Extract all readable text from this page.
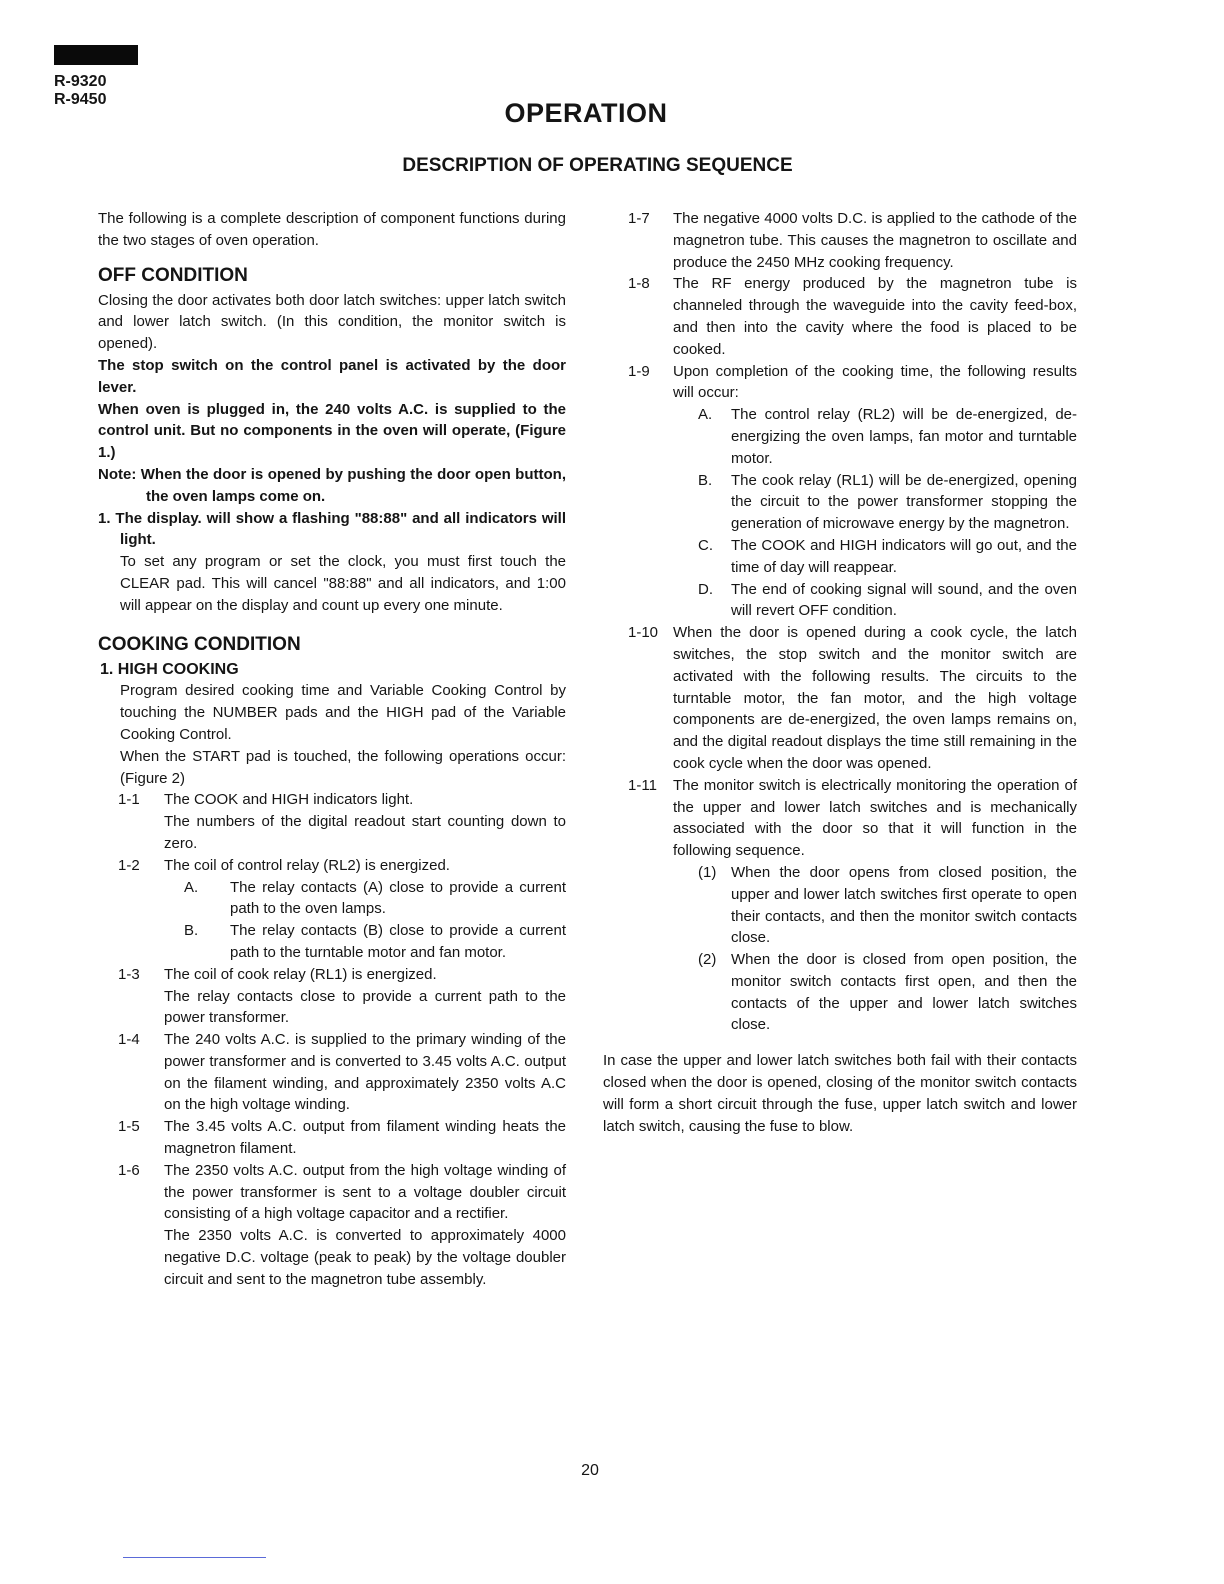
R-9320
R-9450	OPERATION
DESCRIPTION OF OPERATING SEQUENCE

The following is a complete description of component functions during the two stages of oven operation.

OFF CONDITION

Closing the door activates both door latch switches: upper latch switch and lower latch switch. (In this condition, the monitor switch is opened).

The stop switch on the control panel is activated by the door lever.

When oven is plugged in, the 240 volts A.C. is supplied to the control unit. But no components in the oven will operate, (Figure 1.)

Note: When the door is opened by pushing the door open button, the oven lamps come on.

1. The display. will show a flashing "88:88" and all indicators will light.

To set any program or set the clock, you must first touch the CLEAR pad. This will cancel "88:88" and all indicators, and 1:00 will appear on the display and count up every one minute.

COOKING CONDITION
1. HIGH COOKING

Program desired cooking time and Variable Cooking Control by touching the NUMBER pads and the HIGH pad of the Variable Cooking Control.

When the START pad is touched, the following operations occur: (Figure 2)

1-1	The COOK and HIGH indicators light.

The numbers of the digital readout start counting down to zero.

1-2	The coil of control relay (RL2) is energized.

A.	The relay contacts (A) close to provide a current path to the oven lamps.

B.	The relay contacts (B) close to provide a current path to the turntable motor and fan motor.

1-3	The coil of cook relay (RL1) is energized.

The relay contacts close to provide a current path to the power transformer.

1-4	The 240 volts A.C. is supplied to the primary winding of the power transformer and is converted to 3.45 volts A.C. output on the filament winding, and approximately 2350 volts A.C on the high voltage winding.

1-5	The 3.45 volts A.C. output from filament winding heats the magnetron filament.

1-6	The 2350 volts A.C. output from the high voltage winding of the power transformer is sent to a voltage doubler circuit consisting of a high voltage capacitor and a rectifier.

The 2350 volts A.C. is converted to approximately 4000 negative D.C. voltage (peak to peak) by the voltage doubler circuit and sent to the magnetron tube assembly.

1-7	The negative 4000 volts D.C. is applied to the cathode of the magnetron tube. This causes the magnetron to oscillate and produce the 2450 MHz cooking frequency.

1-8	The RF energy produced by the magnetron tube is channeled through the waveguide into the cavity feed-box, and then into the cavity where the food is placed to be cooked.

1-9	Upon completion of the cooking time, the following results will occur:

A.	The control relay (RL2) will be de-energized, de-energizing the oven lamps, fan motor and turntable motor.

B.	The cook relay (RL1) will be de-energized, opening the circuit to the power transformer stopping the generation of microwave energy by the magnetron.

C.	The COOK and HIGH indicators will go out, and the time of day will reappear.

D.	The end of cooking signal will sound, and the oven will revert OFF condition.

1-10 When the door is opened during a cook cycle, the latch switches, the stop switch and the monitor switch are activated with the following results. The circuits to the turntable motor, the fan motor, and the high voltage components are de-energized, the oven lamps remains on, and the digital readout displays the time still remaining in the cook cycle when the door was opened.

1-11	The monitor switch is electrically monitoring the operation of the upper and lower latch switches and is mechanically associated with the door so that it will function in the following sequence.

(1) When the door opens from closed position, the upper and lower latch switches first operate to open their contacts, and then the monitor switch contacts close.

(2) When the door is closed from open position, the monitor switch contacts first open, and then the contacts of the upper and lower latch switches close.

In case the upper and lower latch switches both fail with their contacts closed when the door is opened, closing of the monitor switch contacts will form a short circuit through the fuse, upper latch switch and lower latch switch, causing the fuse to blow.

20
